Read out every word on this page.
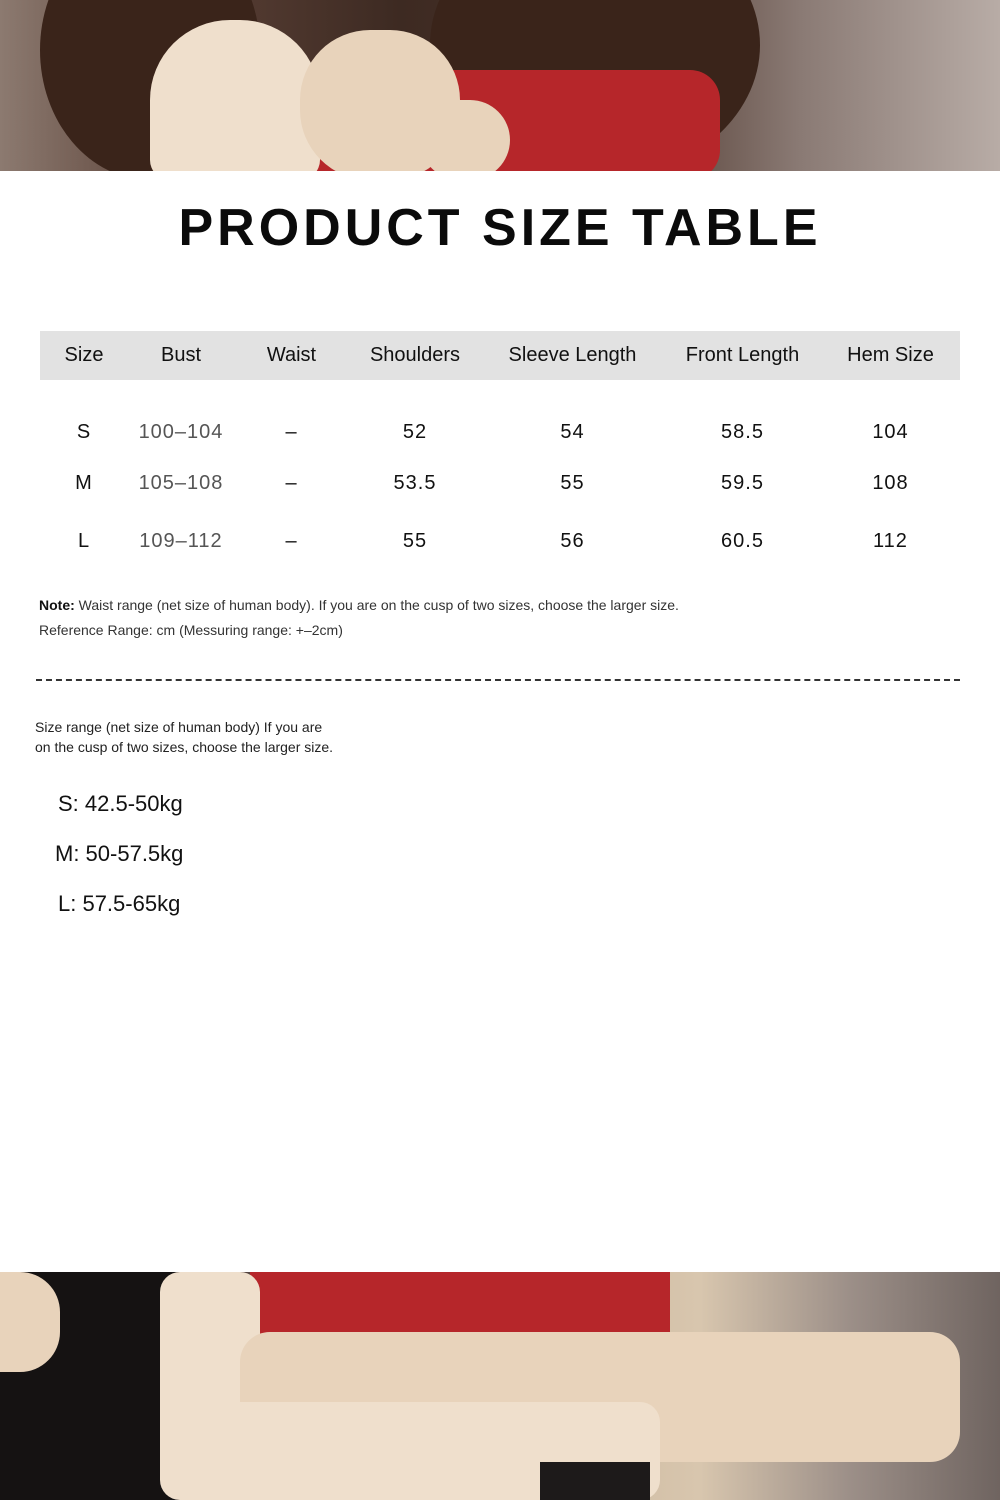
PRODUCT SIZE TABLE
Size	Bust	Waist	Shoulders	Sleeve Length	Front Length	Hem Size
S	100–104	–	52	54	58.5	104
M	105–108	–	53.5	55	59.5	108
L	109–112	–	55	56	60.5	112

Note: Waist range (net size of human body). If you are on the cusp of two sizes, choose the larger size.

Reference Range: cm (Messuring range: +–2cm)

Size range (net size of human body) If you are
on the cusp of two sizes, choose the larger size.

S: 42.5-50kg

M: 50-57.5kg

L: 57.5-65kg
